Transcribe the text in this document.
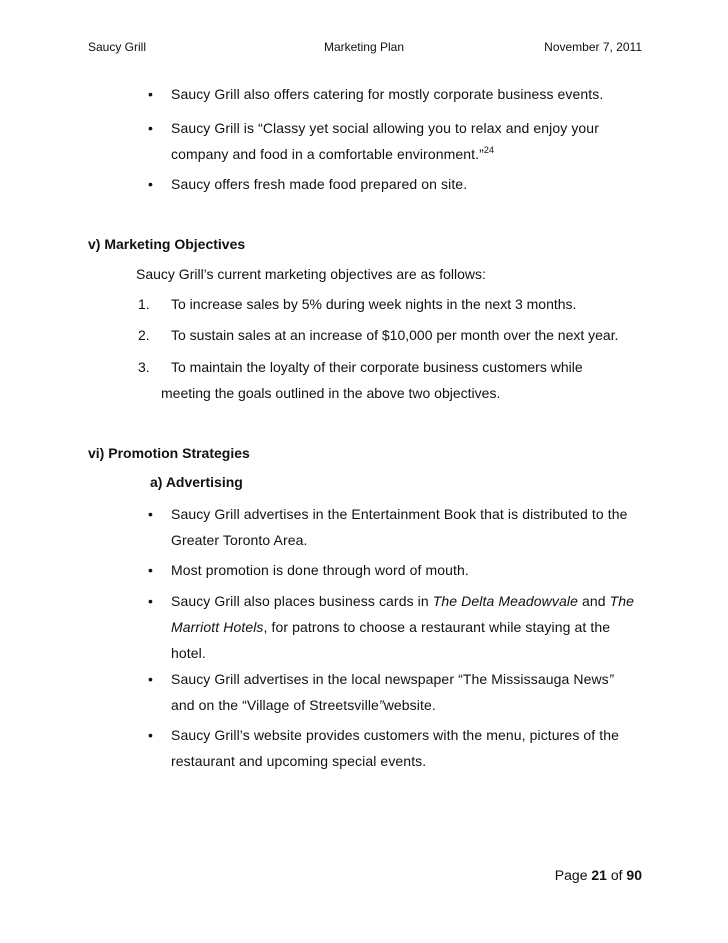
Saucy Grill	Marketing Plan	November 7, 2011
•	Saucy Grill also offers catering for mostly corporate business events.
•	Saucy Grill is “Classy yet social allowing you to relax and enjoy your company and food in a comfortable environment.”$^{24}$
•	Saucy offers fresh made food prepared on site.
v) Marketing Objectives
Saucy Grill’s current marketing objectives are as follows:
1. To increase sales by 5% during week nights in the next 3 months.
2. To sustain sales at an increase of $10,000 per month over the next year.
3. To maintain the loyalty of their corporate business customers while
meeting the goals outlined in the above two objectives.
vi) Promotion Strategies
a) Advertising
•	Saucy Grill advertises in the Entertainment Book that is distributed to the Greater Toronto Area.
•	Most promotion is done through word of mouth.
•	Saucy Grill also places business cards in The Delta Meadowvale and The Marriott Hotels, for patrons to choose a restaurant while staying at the hotel.
•	Saucy Grill advertises in the local newspaper “The Mississauga News”
and on the “Village of Streetsville”website.
•	Saucy Grill’s website provides customers with the menu, pictures of the restaurant and upcoming special events.
Page 21 of 90
